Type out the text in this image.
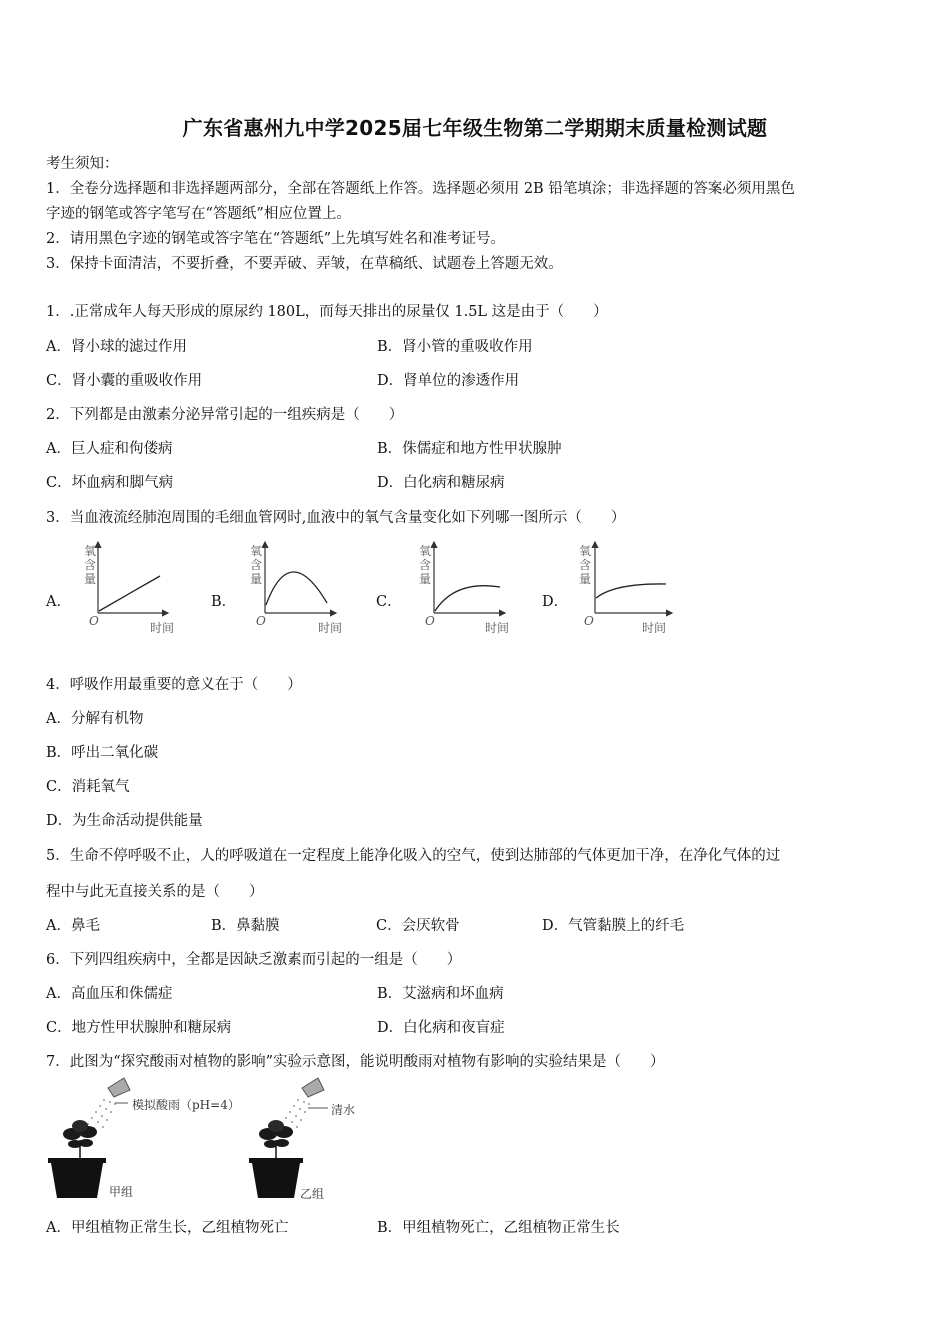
广东省惠州九中学2025届七年级生物第二学期期末质量检测试题
考生须知：
1．全卷分选择题和非选择题两部分，全部在答题纸上作答。选择题必须用 2B 铅笔填涂；非选择题的答案必须用黑色
字迹的钢笔或答字笔写在“答题纸”相应位置上。
2．请用黑色字迹的钢笔或答字笔在“答题纸”上先填写姓名和准考证号。
3．保持卡面清洁，不要折叠，不要弄破、弄皱，在草稿纸、试题卷上答题无效。
1．.正常成年人每天形成的原尿约 180L，而每天排出的尿量仅 1.5L 这是由于（　　）
A．肾小球的滤过作用	B．肾小管的重吸收作用
C．肾小囊的重吸收作用	D．肾单位的渗透作用
2．下列都是由激素分泌异常引起的一组疾病是（　　）
A．巨人症和佝偻病	B．侏儒症和地方性甲状腺肿
C．坏血病和脚气病	D．白化病和糖尿病
3．当血液流经肺泡周围的毛细血管网时,血液中的氧气含量变化如下列哪一图所示（　　）
A．	B．	C．	D．
氧
含
量
O	时间
氧
含
量
O	时间
氧
含
量
O	时间
氧
含
量
O	时间
4．呼吸作用最重要的意义在于（　　）
A．分解有机物
B．呼出二氧化碳
C．消耗氧气
D．为生命活动提供能量
5．生命不停呼吸不止，人的呼吸道在一定程度上能净化吸入的空气，使到达肺部的气体更加干净，在净化气体的过
程中与此无直接关系的是（　　）
A．鼻毛	B．鼻黏膜	C．会厌软骨	D．气管黏膜上的纤毛
6．下列四组疾病中，全都是因缺乏激素而引起的一组是（　　）
A．高血压和侏儒症	B．艾滋病和坏血病
C．地方性甲状腺肿和糖尿病	D．白化病和夜盲症
7．此图为“探究酸雨对植物的影响”实验示意图，能说明酸雨对植物有影响的实验结果是（　　）
模拟酸雨（pH=4）	清水
甲组	乙组
A．甲组植物正常生长，乙组植物死亡	B．甲组植物死亡，乙组植物正常生长
